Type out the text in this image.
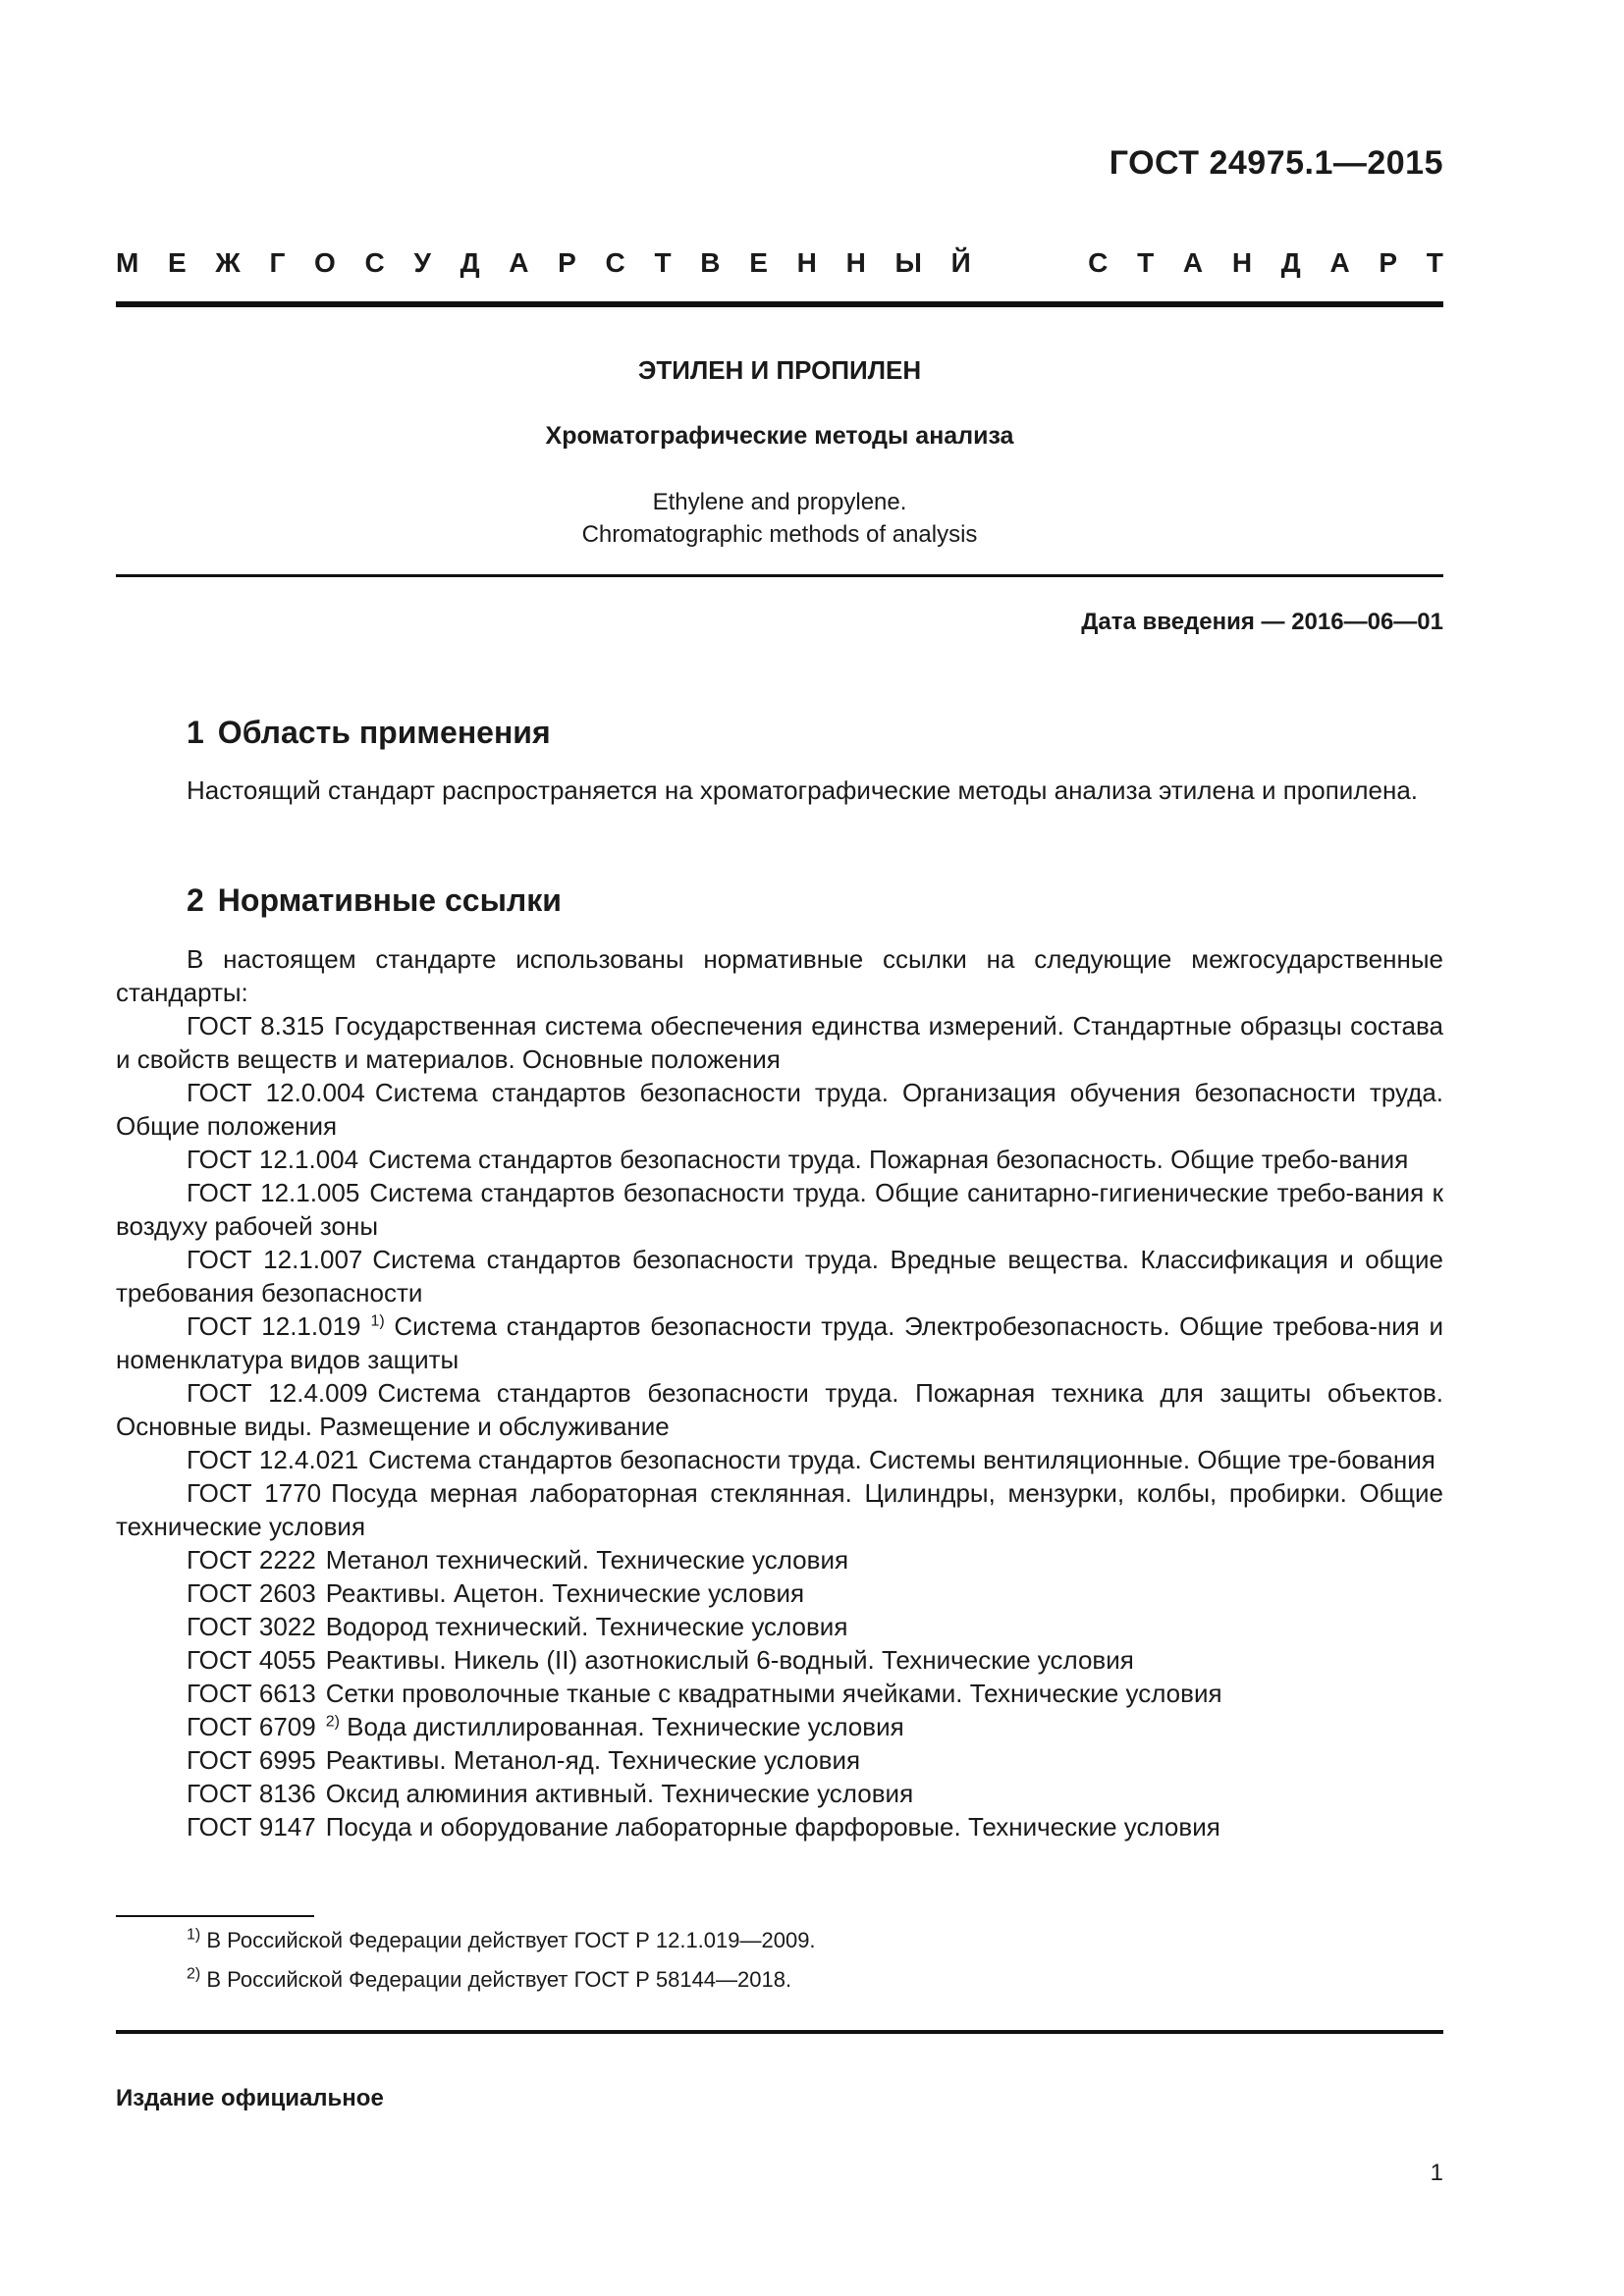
ГОСТ 24975.1—2015
М Е Ж Г О С У Д А Р С Т В Е Н Н Ы Й	С Т А Н Д А Р Т
ЭТИЛЕН И ПРОПИЛЕН
Хроматографические методы анализа
Ethylene and propylene.
Chromatographic methods of analysis
Дата введения — 2016—06—01
1 Область применения
Настоящий стандарт распространяется на хроматографические методы анализа этилена и пропилена.
2 Нормативные ссылки
В настоящем стандарте использованы нормативные ссылки на следующие межгосударственные стандарты:
ГОСТ 8.315 Государственная система обеспечения единства измерений. Стандартные образцы состава и свойств веществ и материалов. Основные положения
ГОСТ 12.0.004 Система стандартов безопасности труда. Организация обучения безопасности труда. Общие положения
ГОСТ 12.1.004 Система стандартов безопасности труда. Пожарная безопасность. Общие требо-вания
ГОСТ 12.1.005 Система стандартов безопасности труда. Общие санитарно-гигиенические требо-вания к воздуху рабочей зоны
ГОСТ 12.1.007 Система стандартов безопасности труда. Вредные вещества. Классификация и общие требования безопасности
ГОСТ 12.1.019 $^{1)}$ Система стандартов безопасности труда. Электробезопасность. Общие требова-ния и номенклатура видов защиты
ГОСТ 12.4.009 Система стандартов безопасности труда. Пожарная техника для защиты объектов. Основные виды. Размещение и обслуживание
ГОСТ 12.4.021 Система стандартов безопасности труда. Системы вентиляционные. Общие тре-бования
ГОСТ 1770 Посуда мерная лабораторная стеклянная. Цилиндры, мензурки, колбы, пробирки. Общие технические условия
ГОСТ 2222 Метанол технический. Технические условия
ГОСТ 2603 Реактивы. Ацетон. Технические условия
ГОСТ 3022 Водород технический. Технические условия
ГОСТ 4055 Реактивы. Никель (II) азотнокислый 6-водный. Технические условия
ГОСТ 6613 Сетки проволочные тканые с квадратными ячейками. Технические условия
ГОСТ 6709 $^{2)}$ Вода дистиллированная. Технические условия
ГОСТ 6995 Реактивы. Метанол-яд. Технические условия
ГОСТ 8136 Оксид алюминия активный. Технические условия
ГОСТ 9147 Посуда и оборудование лабораторные фарфоровые. Технические условия
$^{1)}$ В Российской Федерации действует ГОСТ Р 12.1.019—2009.
$^{2)}$ В Российской Федерации действует ГОСТ Р 58144—2018.
Издание официальное
1
